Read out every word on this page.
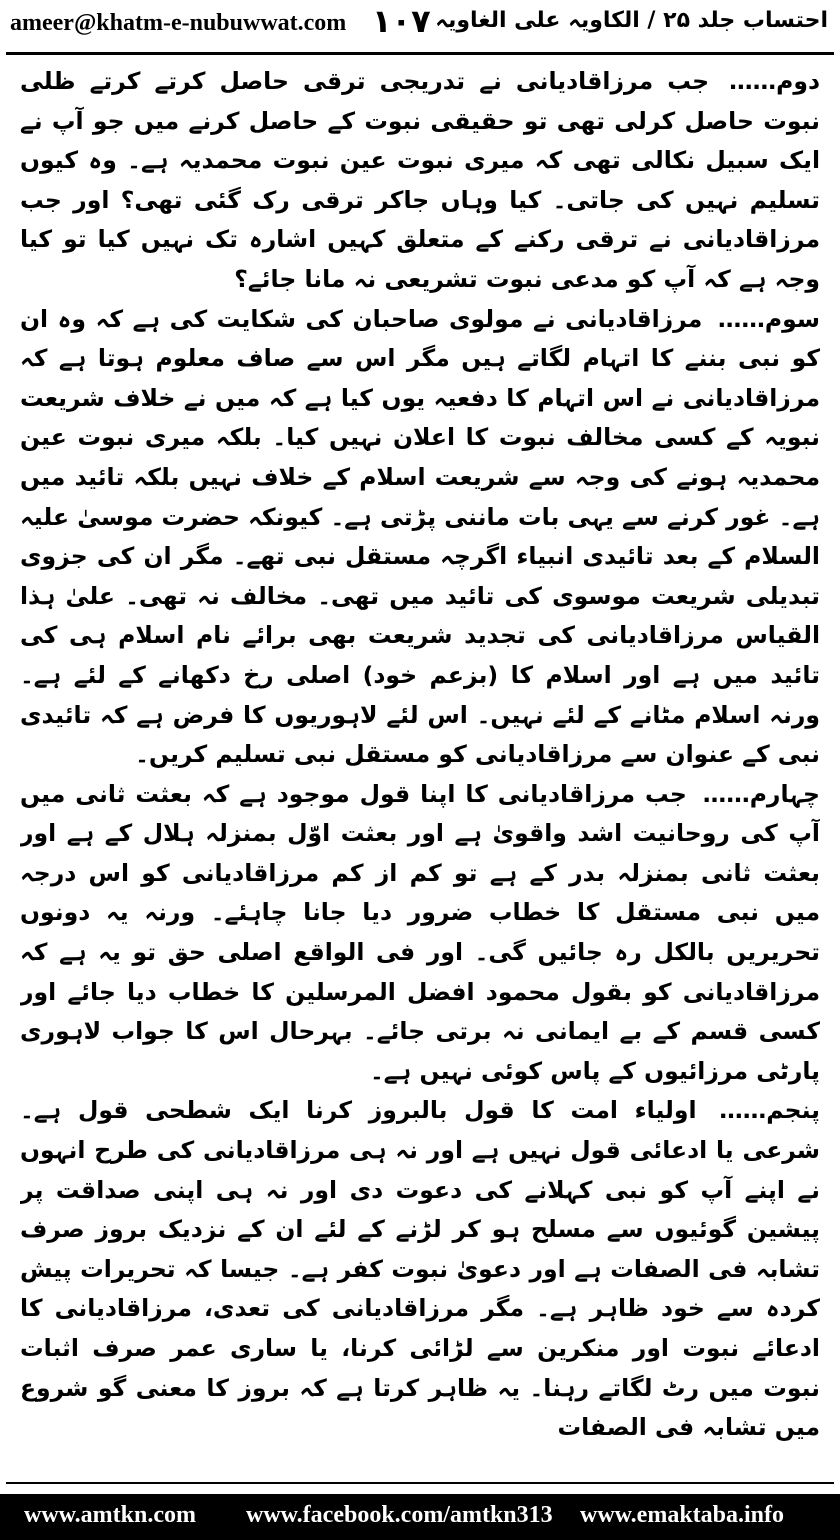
ameer@khatm-e-nubuwwat.com ۱۰۷ احتساب جلد ۲۵ / الکاویہ علی الغاویہ

دوم…… جب مرزاقادیانی نے تدریجی ترقی حاصل کرتے کرتے ظلی نبوت حاصل کرلی تھی تو حقیقی نبوت کے حاصل کرنے میں جو آپ نے ایک سبیل نکالی تھی کہ میری نبوت عین نبوت محمدیہ ہے۔ وہ کیوں تسلیم نہیں کی جاتی۔ کیا وہاں جاکر ترقی رک گئی تھی؟ اور جب مرزاقادیانی نے ترقی رکنے کے متعلق کہیں اشارہ تک نہیں کیا تو کیا وجہ ہے کہ آپ کو مدعی نبوت تشریعی نہ مانا جائے؟

سوم…… مرزاقادیانی نے مولوی صاحبان کی شکایت کی ہے کہ وہ ان کو نبی بننے کا اتہام لگاتے ہیں مگر اس سے صاف معلوم ہوتا ہے کہ مرزاقادیانی نے اس اتہام کا دفعیہ یوں کیا ہے کہ میں نے خلاف شریعت نبویہ کے کسی مخالف نبوت کا اعلان نہیں کیا۔ بلکہ میری نبوت عین محمدیہ ہونے کی وجہ سے شریعت اسلام کے خلاف نہیں بلکہ تائید میں ہے۔ غور کرنے سے یہی بات ماننی پڑتی ہے۔ کیونکہ حضرت موسیٰ علیہ السلام کے بعد تائیدی انبیاء اگرچہ مستقل نبی تھے۔ مگر ان کی جزوی تبدیلی شریعت موسوی کی تائید میں تھی۔ مخالف نہ تھی۔ علیٰ ہذا القیاس مرزاقادیانی کی تجدید شریعت بھی برائے نام اسلام ہی کی تائید میں ہے اور اسلام کا (بزعم خود) اصلی رخ دکھانے کے لئے ہے۔ ورنہ اسلام مٹانے کے لئے نہیں۔ اس لئے لاہوریوں کا فرض ہے کہ تائیدی نبی کے عنوان سے مرزاقادیانی کو مستقل نبی تسلیم کریں۔

چہارم…… جب مرزاقادیانی کا اپنا قول موجود ہے کہ بعثت ثانی میں آپ کی روحانیت اشد واقویٰ ہے اور بعثت اوّل بمنزلہ ہلال کے ہے اور بعثت ثانی بمنزلہ بدر کے ہے تو کم از کم مرزاقادیانی کو اس درجہ میں نبی مستقل کا خطاب ضرور دیا جانا چاہئے۔ ورنہ یہ دونوں تحریریں بالکل رہ جائیں گی۔ اور فی الواقع اصلی حق تو یہ ہے کہ مرزاقادیانی کو بقول محمود افضل المرسلین کا خطاب دیا جائے اور کسی قسم کے بے ایمانی نہ برتی جائے۔ بہرحال اس کا جواب لاہوری پارٹی مرزائیوں کے پاس کوئی نہیں ہے۔

پنجم…… اولیاء امت کا قول بالبروز کرنا ایک شطحی قول ہے۔ شرعی یا ادعائی قول نہیں ہے اور نہ ہی مرزاقادیانی کی طرح انہوں نے اپنے آپ کو نبی کہلانے کی دعوت دی اور نہ ہی اپنی صداقت پر پیشین گوئیوں سے مسلح ہو کر لڑنے کے لئے ان کے نزدیک بروز صرف تشابہ فی الصفات ہے اور دعویٰ نبوت کفر ہے۔ جیسا کہ تحریرات پیش کردہ سے خود ظاہر ہے۔ مگر مرزاقادیانی کی تعدی، مرزاقادیانی کا ادعائے نبوت اور منکرین سے لڑائی کرنا، یا ساری عمر صرف اثبات نبوت میں رٹ لگاتے رہنا۔ یہ ظاہر کرتا ہے کہ بروز کا معنی گو شروع میں تشابہ فی الصفات

www.amtkn.com www.facebook.com/amtkn313 www.emaktaba.info
